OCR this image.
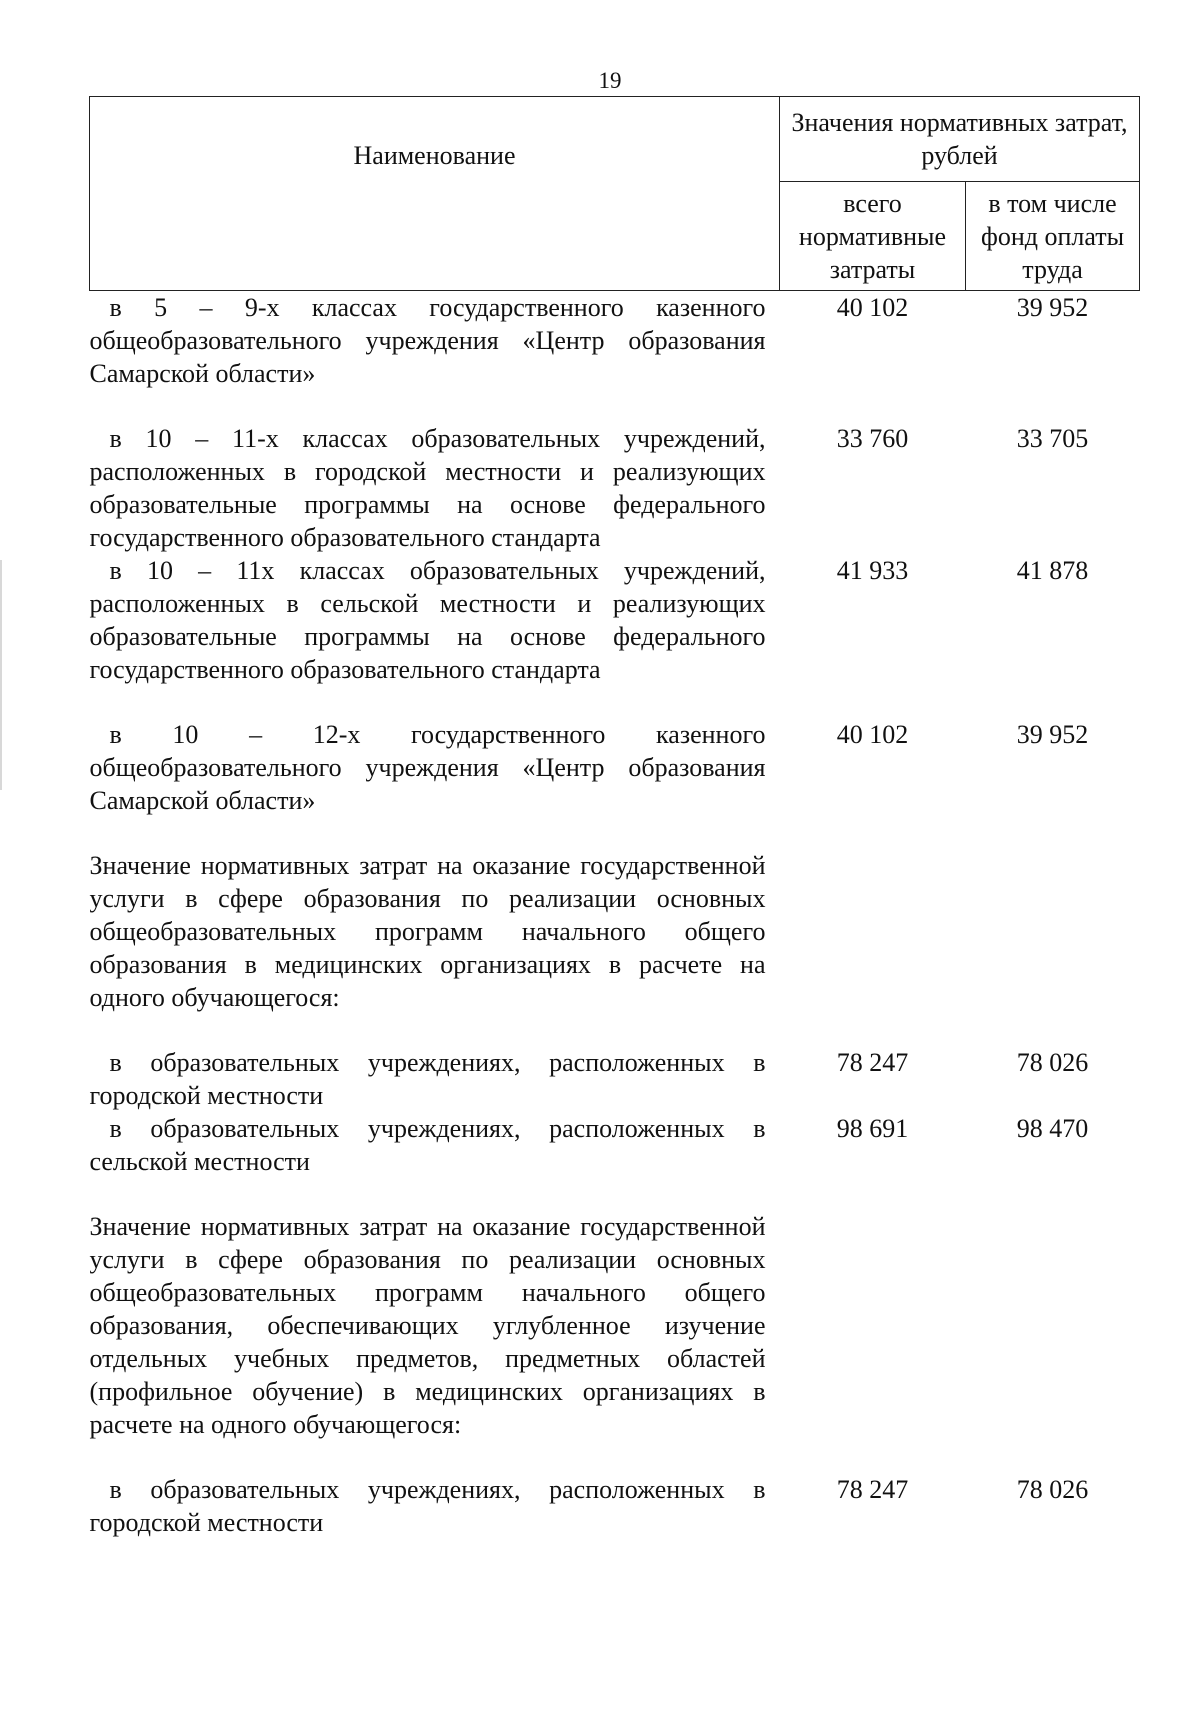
19
Наименование	Значения нормативных затрат, рублей	
	всего нормативные затраты	в том числе фонд оплаты труда
в 5 – 9-х классах государственного казенного общеобразовательного учреждения «Центр образования Самарской области»	40 102	39 952
в 10 – 11-х классах образовательных учреждений, расположенных в городской местности и реализующих образовательные программы на основе федерального государственного образовательного стандарта	33 760	33 705
в 10 – 11х классах образовательных учреждений, расположенных в сельской местности и реализующих образовательные программы на основе федерального государственного образовательного стандарта	41 933	41 878
в 10 – 12-х государственного казенного общеобразовательного учреждения «Центр образования Самарской области»	40 102	39 952
Значение нормативных затрат на оказание государственной услуги в сфере образования по реализации основных общеобразовательных программ начального общего образования в медицинских организациях в расчете на одного обучающегося:		
в образовательных учреждениях, расположенных в городской местности	78 247	78 026
в образовательных учреждениях, расположенных в сельской местности	98 691	98 470
Значение нормативных затрат на оказание государственной услуги в сфере образования по реализации основных общеобразовательных программ начального общего образования, обеспечивающих углубленное изучение отдельных учебных предметов, предметных областей (профильное обучение) в медицинских организациях в расчете на одного обучающегося:		
в образовательных учреждениях, расположенных в городской местности	78 247	78 026
